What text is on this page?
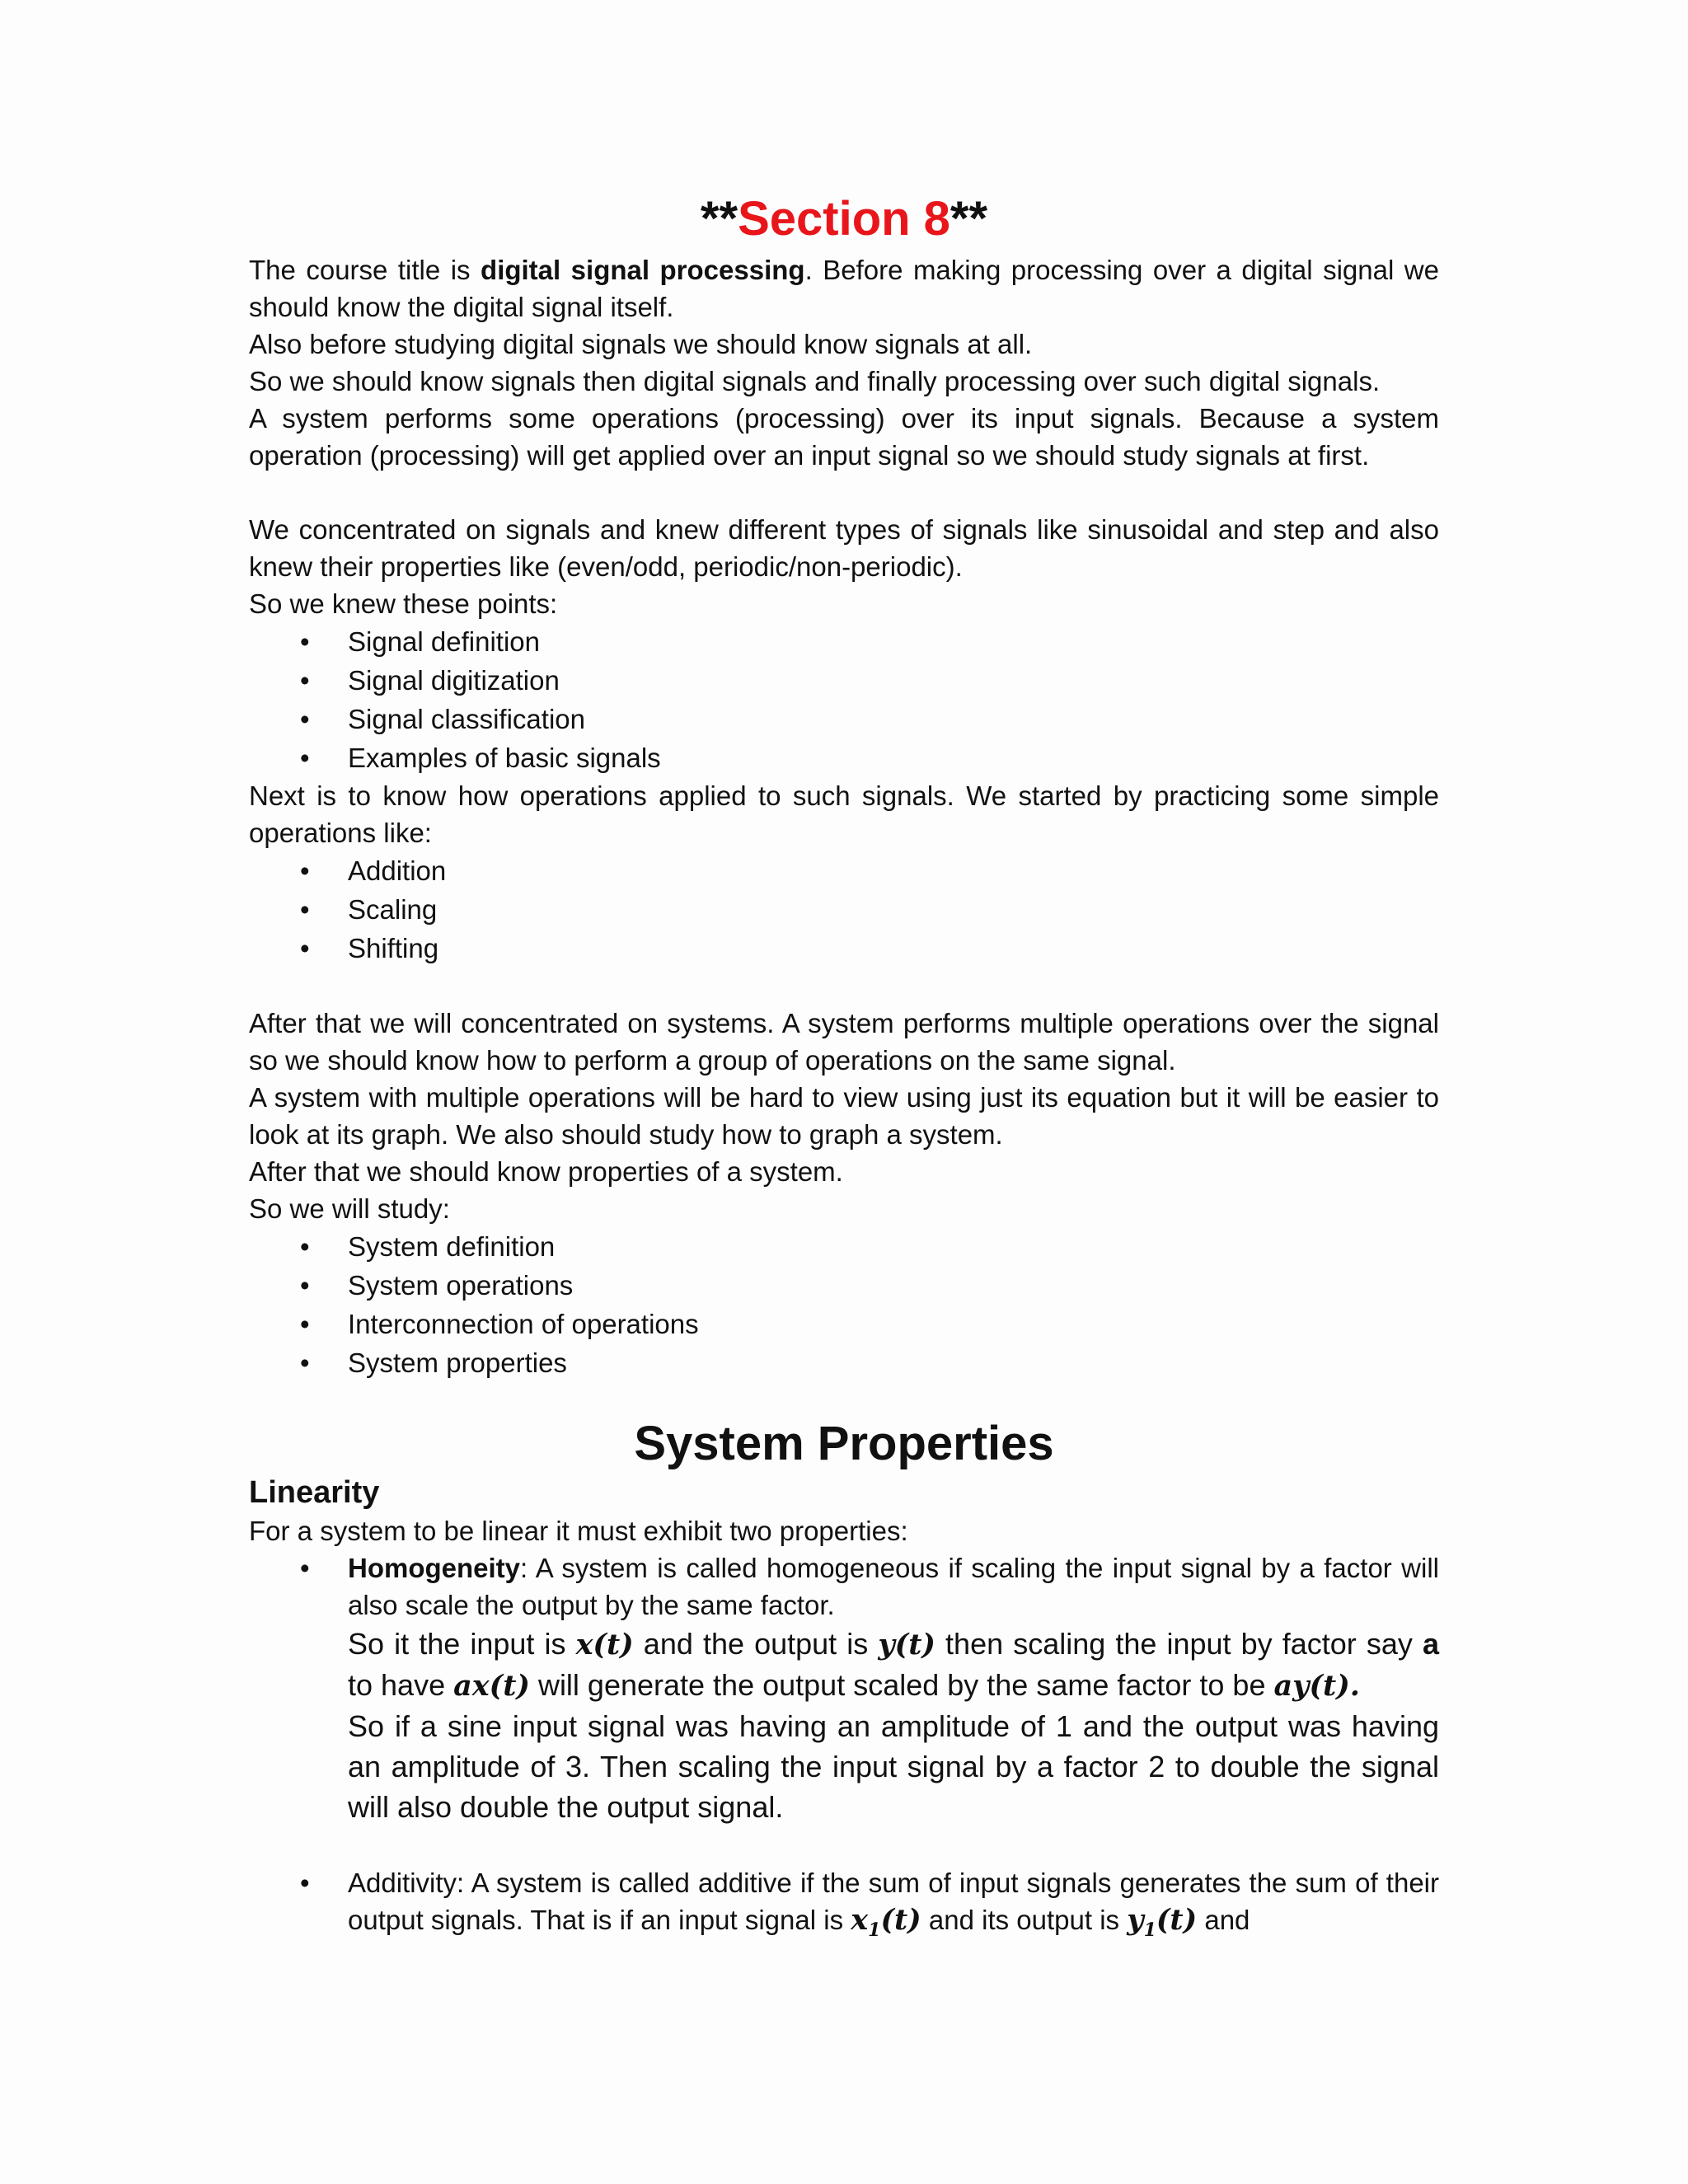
**Section 8**

The course title is digital signal processing. Before making processing over a digital signal we should know the digital signal itself.

Also before studying digital signals we should know signals at all.

So we should know signals then digital signals and finally processing over such digital signals.

A system performs some operations (processing) over its input signals. Because a system operation (processing) will get applied over an input signal so we should study signals at first.

We concentrated on signals and knew different types of signals like sinusoidal and step and also knew their properties like (even/odd, periodic/non-periodic).

So we knew these points:

• Signal definition
• Signal digitization
• Signal classification
• Examples of basic signals

Next is to know how operations applied to such signals. We started by practicing some simple operations like:

• Addition
• Scaling
• Shifting

After that we will concentrated on systems. A system performs multiple operations over the signal so we should know how to perform a group of operations on the same signal.

A system with multiple operations will be hard to view using just its equation but it will be easier to look at its graph. We also should study how to graph a system.

After that we should know properties of a system.

So we will study:

• System definition
• System operations
• Interconnection of operations
• System properties
System Properties
Linearity

For a system to be linear it must exhibit two properties:

• Homogeneity: A system is called homogeneous if scaling the input signal by a factor will also scale the output by the same factor.
So it the input is x(t) and the output is y(t) then scaling the input by factor say a to have ax(t) will generate the output scaled by the same factor to be ay(t).
So if a sine input signal was having an amplitude of 1 and the output was having an amplitude of 3. Then scaling the input signal by a factor 2 to double the signal will also double the output signal.
• Additivity: A system is called additive if the sum of input signals generates the sum of their output signals. That is if an input signal is $x_1(t)$ and its output is $y_1(t)$ and
